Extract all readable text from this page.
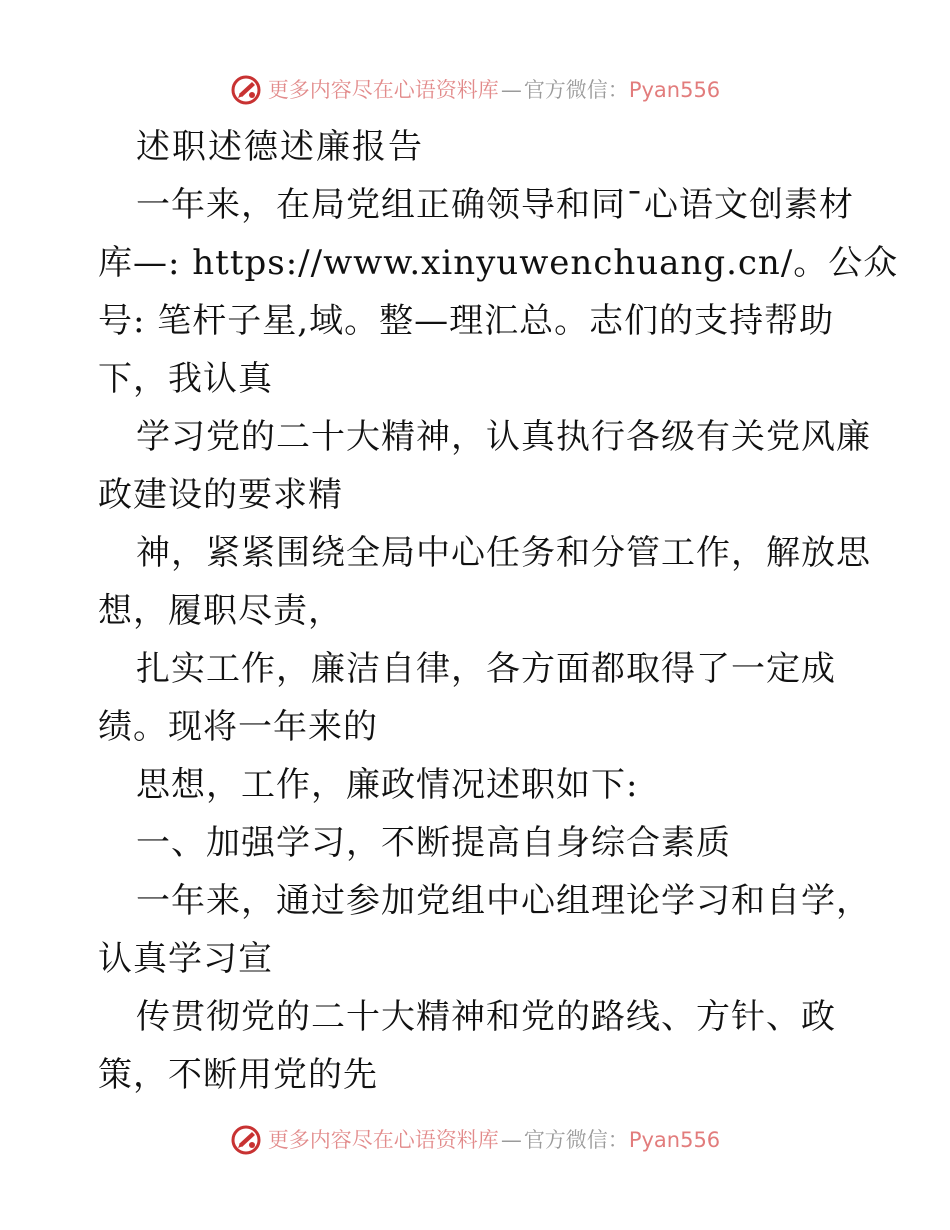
更多内容尽在心语资料库 — 官方微信： Pyan556
述职述德述廉报告
一年来，在局党组正确领导和同¯心语文创素材
库—: https://www.xinyuwenchuang.cn/。公众
号: 笔杆子星,域。整—理汇总。志们的支持帮助
下，我认真
学习党的二十大精神，认真执行各级有关党风廉
政建设的要求精
神，紧紧围绕全局中心任务和分管工作，解放思
想，履职尽责，
扎实工作，廉洁自律，各方面都取得了一定成
绩。现将一年来的
思想，工作，廉政情况述职如下:
一、加强学习，不断提高自身综合素质
一年来，通过参加党组中心组理论学习和自学，
认真学习宣
传贯彻党的二十大精神和党的路线、方针、政
策，不断用党的先
更多内容尽在心语资料库 — 官方微信： Pyan556
